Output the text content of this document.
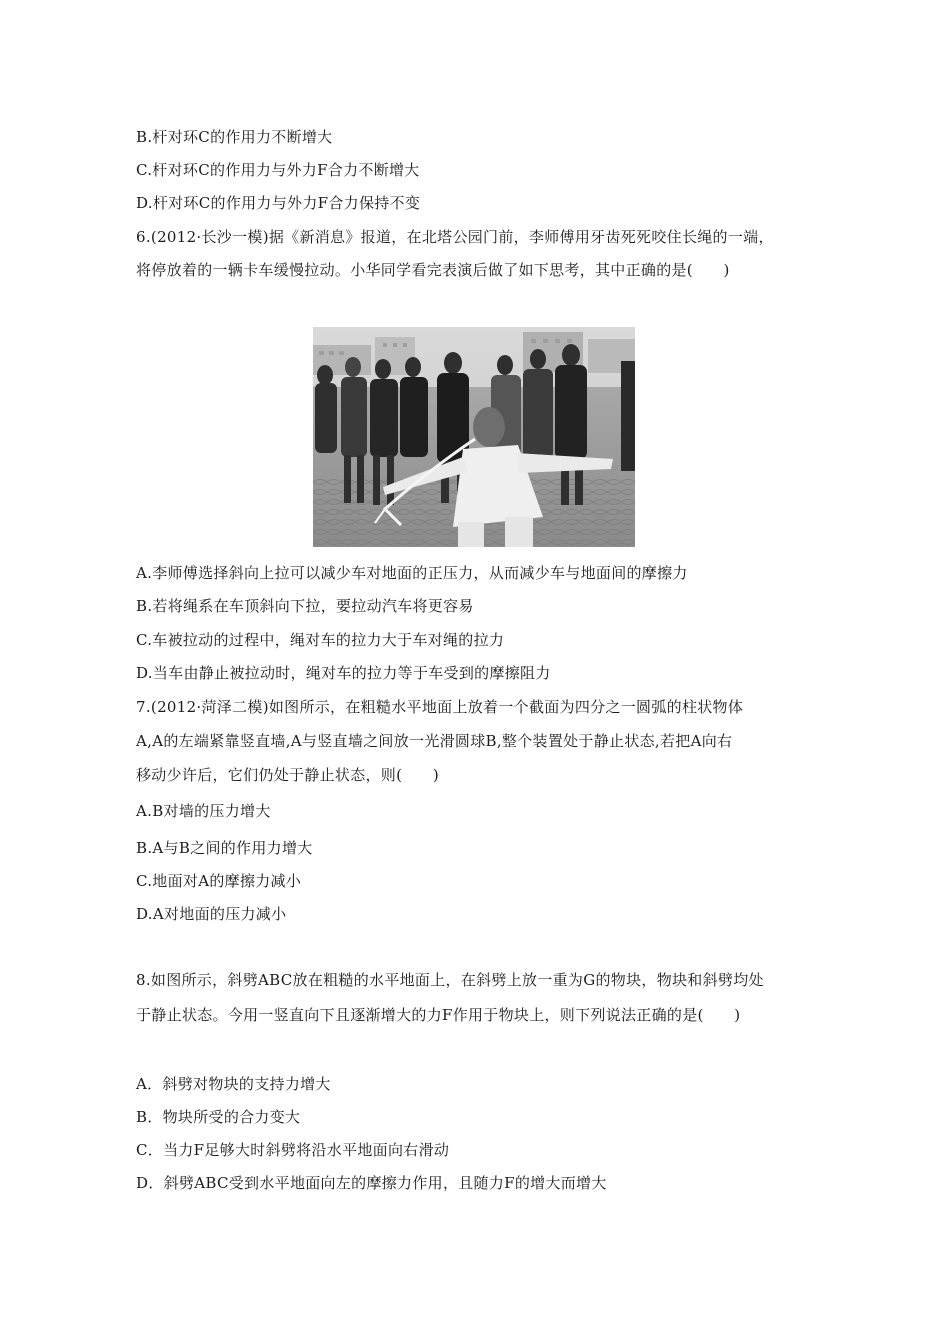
B.杆对环C的作用力不断增大
C.杆对环C的作用力与外力F合力不断增大
D.杆对环C的作用力与外力F合力保持不变
6.(2012·长沙一模)据《新消息》报道，在北塔公园门前，李师傅用牙齿死死咬住长绳的一端，
将停放着的一辆卡车缓慢拉动。小华同学看完表演后做了如下思考，其中正确的是(　　)
A.李师傅选择斜向上拉可以减少车对地面的正压力，从而减少车与地面间的摩擦力
B.若将绳系在车顶斜向下拉，要拉动汽车将更容易
C.车被拉动的过程中，绳对车的拉力大于车对绳的拉力
D.当车由静止被拉动时，绳对车的拉力等于车受到的摩擦阻力
7.(2012·菏泽二模)如图所示，在粗糙水平地面上放着一个截面为四分之一圆弧的柱状物体
A,A的左端紧靠竖直墙,A与竖直墙之间放一光滑圆球B,整个装置处于静止状态,若把A向右
移动少许后，它们仍处于静止状态，则(　　)
A.B对墙的压力增大
B.A与B之间的作用力增大
C.地面对A的摩擦力减小
D.A对地面的压力减小
8.如图所示，斜劈ABC放在粗糙的水平地面上，在斜劈上放一重为G的物块，物块和斜劈均处
于静止状态。今用一竖直向下且逐渐增大的力F作用于物块上，则下列说法正确的是(　　)
A．斜劈对物块的支持力增大
B．物块所受的合力变大
C．当力F足够大时斜劈将沿水平地面向右滑动
D．斜劈ABC受到水平地面向左的摩擦力作用，且随力F的增大而增大
